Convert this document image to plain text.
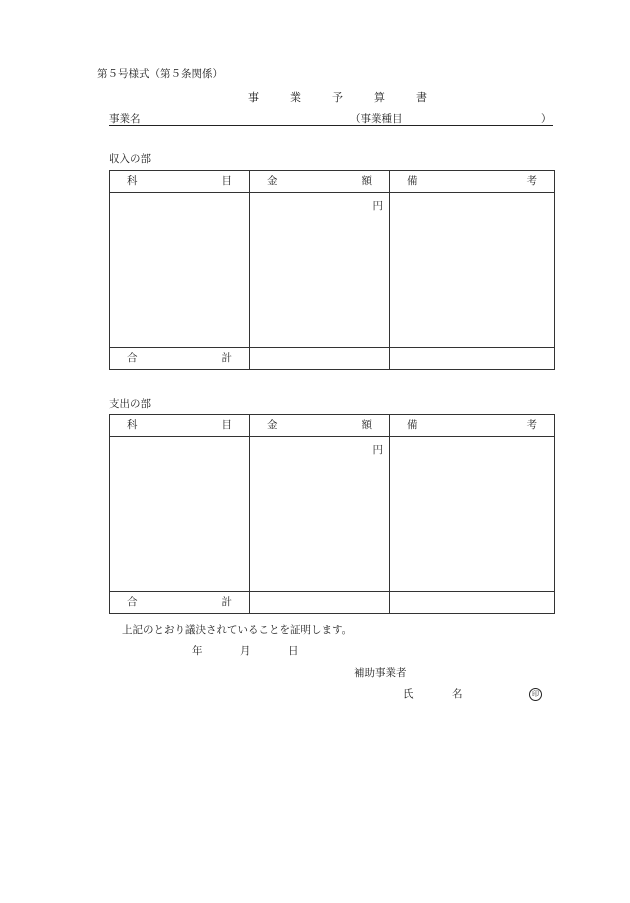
第５号様式（第５条関係）
事	業	予	算	書
事業名	（事業種目	）
収入の部
科 目	金 額	備 考

	円	

合 計		

支出の部
科 目	金 額	備 考

	円	

合 計		

上記のとおり議決されていることを証明します。
年	月	日
補助事業者
氏　名	印
